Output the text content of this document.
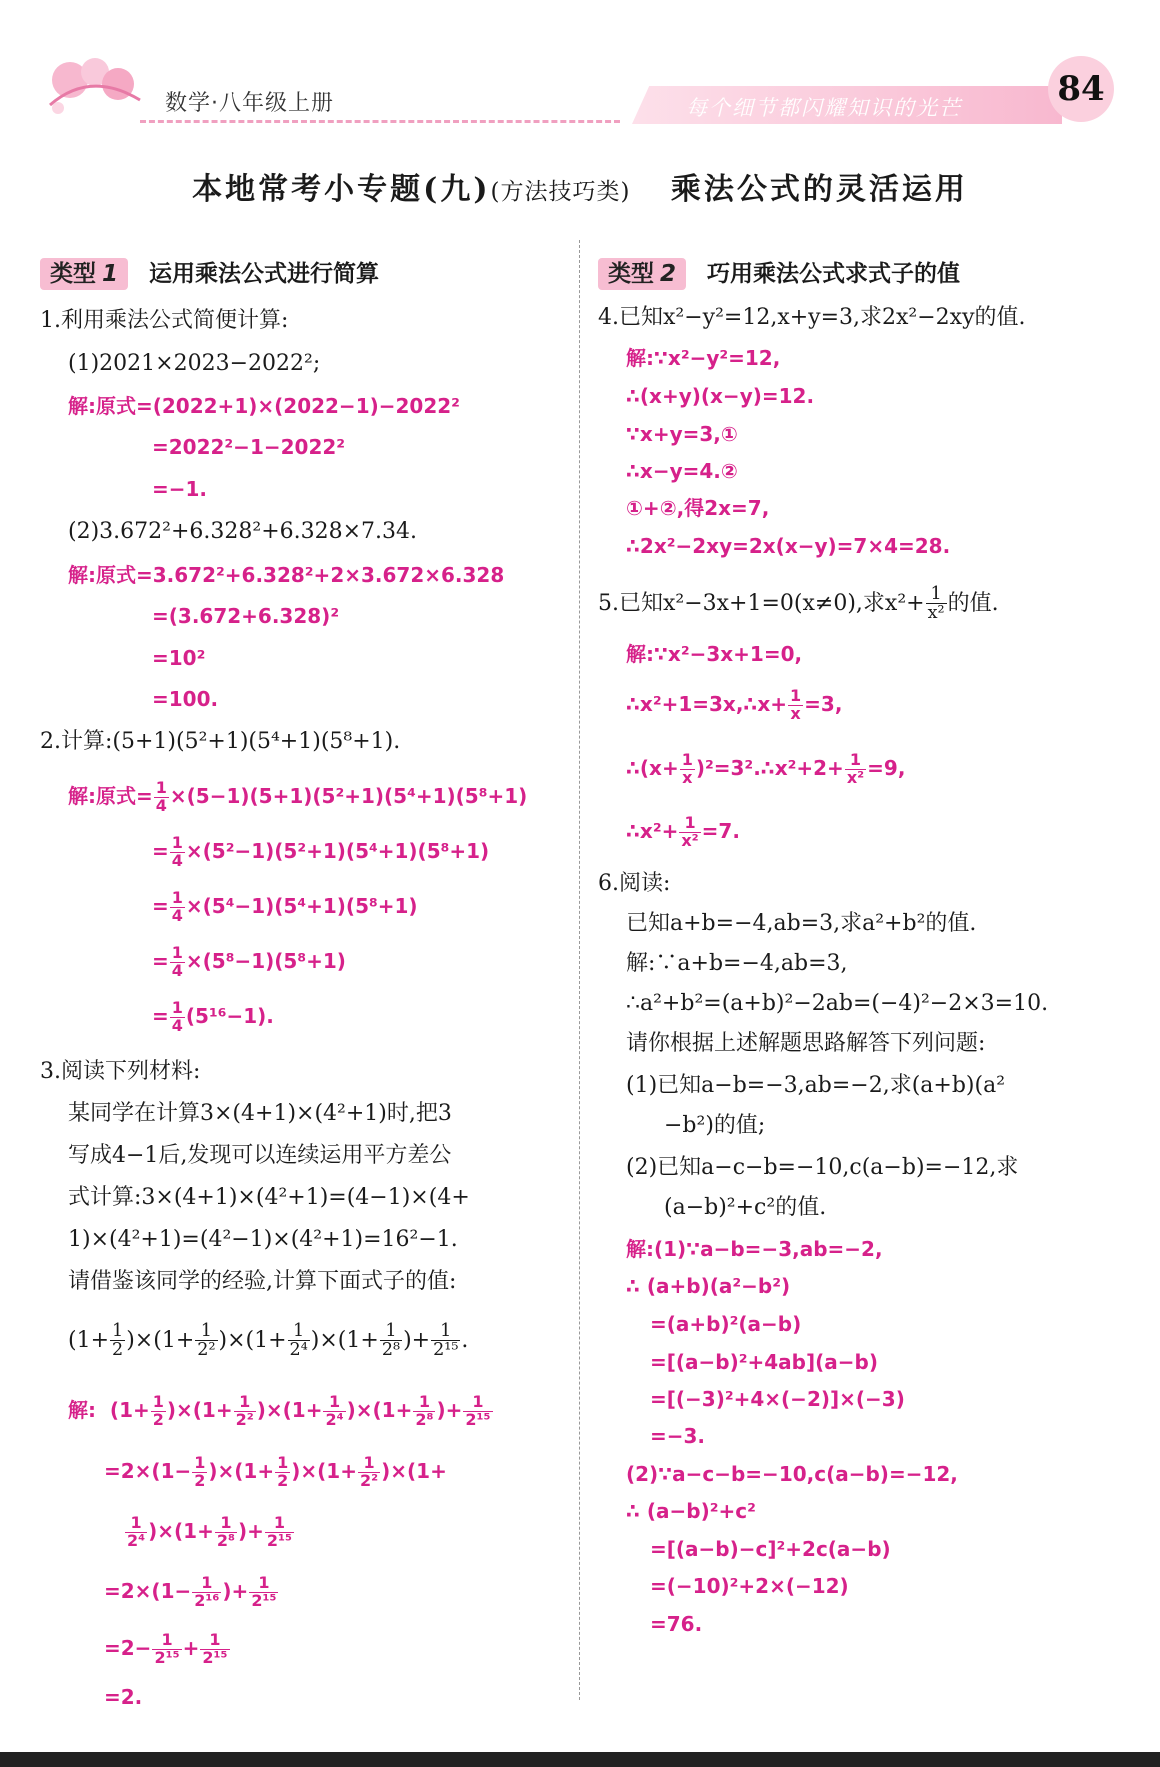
数学·八年级上册	每个细节都闪耀知识的光芒	84
本地常考小专题(九)(方法技巧类) 乘法公式的灵活运用
类型 1 运用乘法公式进行简算
1.利用乘法公式简便计算:
(1)2021×2023−2022²;
解:原式=(2022+1)×(2022−1)−2022²
=2022²−1−2022²
=−1.
(2)3.672²+6.328²+6.328×7.34.
解:原式=3.672²+6.328²+2×3.672×6.328
=(3.672+6.328)²
=10²
=100.
2.计算:(5+1)(5²+1)(5⁴+1)(5⁸+1).
解:原式= $\frac{1}{4} \times(5-1)(5+1)(5^2+1)(5^4+1)(5^8+1)$
= $\frac{1}{4} \times(5^2-1)(5^2+1)(5^4+1)(5^8+1)$
= $\frac{1}{4} \times(5^4-1)(5^4+1)(5^8+1)$
= $\frac{1}{4} \times(5^8-1)(5^8+1)$
= $\frac{1}{4} (5^{16}-1)$.
3.阅读下列材料:
某同学在计算3×(4+1)×(4²+1)时,把3
写成4−1后,发现可以连续运用平方差公
式计算:3×(4+1)×(4²+1)=(4−1)×(4+
1)×(4²+1)=(4²−1)×(4²+1)=16²−1.
请借鉴该同学的经验,计算下面式子的值:
$(1+ \frac{1}{2} )\times(1+ \frac{1}{\text{2²}} )\times(1+ \frac{1}{\text{2⁴}} )\times(1+ \frac{1}{\text{2⁸}}$ )+ $\frac{1}{\text{2¹⁵}}$ .
解:  $(1+ \frac{1}{2} )\times(1+ \frac{1}{\text{2²}} )\times(1+ \frac{1}{\text{2⁴}} )\times(1+ \frac{1}{\text{2⁸}}$ )+ $\frac{1}{\text{2¹⁵}}$
$=2\times(1- \frac{1}{2} )\times(1+ \frac{1}{2} )\times(1+ \frac{1}{\text{2²}} )\times(1+$
$\frac{1}{\text{2⁴}} )\times(1+ \frac{1}{\text{2⁸}}$ )+ $\frac{1}{\text{2¹⁵}}$
$=2\times(1- \frac{1}{\text{2¹⁶}}$ )+ $\frac{1}{\text{2¹⁵}}$
$=2- \frac{1}{\text{2¹⁵}} + \frac{1}{\text{2¹⁵}}$
=2.
类型 2 巧用乘法公式求式子的值
4.已知x²−y²=12,x+y=3,求2x²−2xy的值.
解:∵x²−y²=12,
∴(x+y)(x−y)=12.
∵x+y=3,①
∴x−y=4.②
①+②,得2x=7,
∴2x²−2xy=2x(x−y)=7×4=28.
5.已知x²−3x+1=0(x≠0),求$x^2+ \frac{1}{\text{x²}}$ 的值.
解:∵x²−3x+1=0,
∴x²+1=3x,∴x+ $\frac{1}{x} =3$,
∴(x+ $\frac{1}{x}$ )²=3².∴x²+2+ $\frac{1}{\text{x²}} =9$,
∴x²+ $\frac{1}{\text{x²}} =7$.
6.阅读:
已知a+b=−4,ab=3,求a²+b²的值.
解:∵a+b=−4,ab=3,
∴a²+b²=(a+b)²−2ab=(−4)²−2×3=10.
请你根据上述解题思路解答下列问题:
(1)已知a−b=−3,ab=−2,求(a+b)(a²
−b²)的值;
(2)已知a−c−b=−10,c(a−b)=−12,求
(a−b)²+c²的值.
解:(1)∵a−b=−3,ab=−2,
∴ (a+b)(a²−b²)
=(a+b)²(a−b)
=[(a−b)²+4ab](a−b)
=[(−3)²+4×(−2)]×(−3)
=−3.
(2)∵a−c−b=−10,c(a−b)=−12,
∴ (a−b)²+c²
=[(a−b)−c]²+2c(a−b)
=(−10)²+2×(−12)
=76.
